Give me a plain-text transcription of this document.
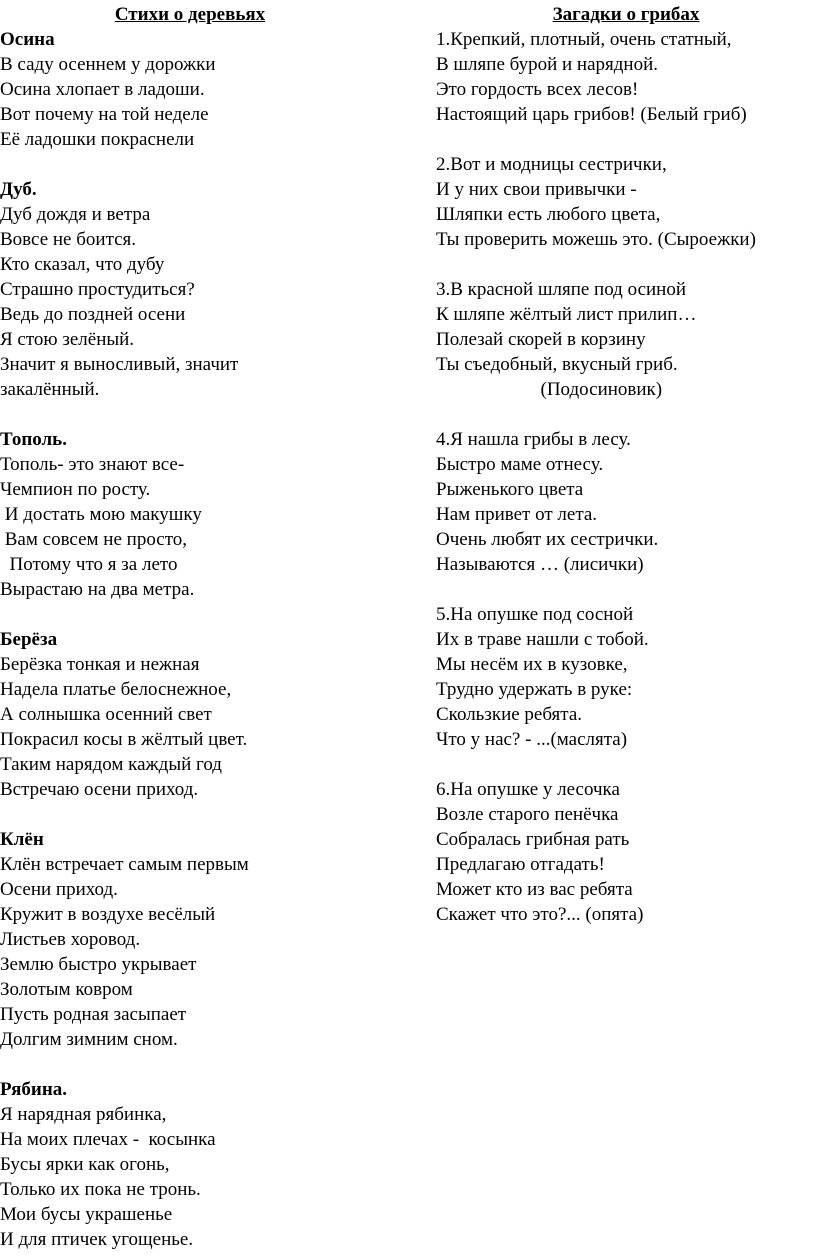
Стихи о деревьях
Осина
В саду осеннем у дорожки
Осина хлопает в ладоши.
Вот почему на той неделе
Её ладошки покраснели
Дуб.
Дуб дождя и ветра
Вовсе не боится.
Кто сказал, что дубу
Страшно простудиться?
Ведь до поздней осени
Я стою зелёный.
Значит я выносливый, значит
закалённый.
Тополь.
Тополь- это знают все-
Чемпион по росту.
И достать мою макушку
Вам совсем не просто,
Потому что я за лето
Вырастаю на два метра.
Берёза
Берёзка тонкая и нежная
Надела платье белоснежное,
А солнышка осенний свет
Покрасил косы в жёлтый цвет.
Таким нарядом каждый год
Встречаю осени приход.
Клён
Клён встречает самым первым
Осени приход.
Кружит в воздухе весёлый
Листьев хоровод.
Землю быстро укрывает
Золотым ковром
Пусть родная засыпает
Долгим зимним сном.
Рябина.
Я нарядная рябинка,
На моих плечах -  косынка
Бусы ярки как огонь,
Только их пока не тронь.
Мои бусы украшенье
И для птичек угощенье.
Загадки о грибах
1.Крепкий, плотный, очень статный,
В шляпе бурой и нарядной.
Это гордость всех лесов!
Настоящий царь грибов! (Белый гриб)
2.Вот и модницы сестрички,
И у них свои привычки -
Шляпки есть любого цвета,
Ты проверить можешь это. (Сыроежки)
3.В красной шляпе под осиной
К шляпе жёлтый лист прилип…
Полезай скорей в корзину
Ты съедобный, вкусный гриб.
(Подосиновик)
4.Я нашла грибы в лесу.
Быстро маме отнесу.
Рыженького цвета
Нам привет от лета.
Очень любят их сестрички.
Называются … (лисички)
5.На опушке под сосной
Их в траве нашли с тобой.
Мы несём их в кузовке,
Трудно удержать в руке:
Скользкие ребята.
Что у нас? - ...(маслята)
6.На опушке у лесочка
Возле старого пенёчка
Собралась грибная рать
Предлагаю отгадать!
Может кто из вас ребята
Скажет что это?... (опята)
